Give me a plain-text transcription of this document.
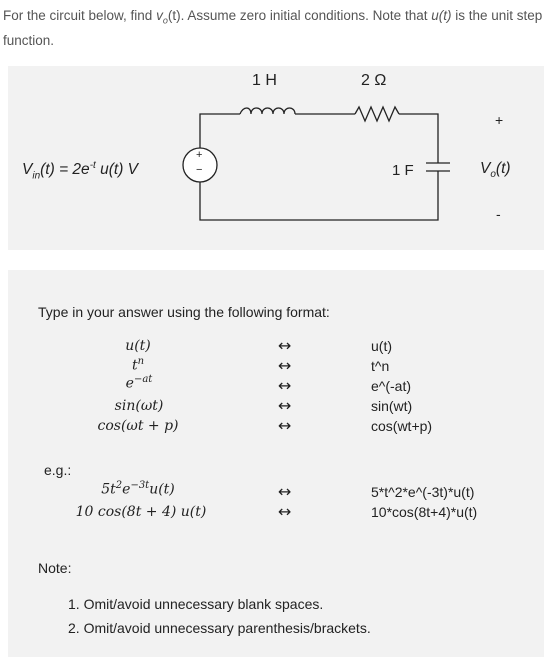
For the circuit below, find $v_o(t)$. Assume zero initial conditions. Note that u(t) is the unit step function.
+
−
1 H	2 Ω
1 F
$V_{in}(t) = 2e^{-t}$ u(t) V
+
$V_o(t)$
-
Type in your answer using the following format:
u(t)	↔	u(t)
$t^n$	↔	t^n
$e^{-at}$	↔	e^(-at)
sin(ωt)	↔	sin(wt)
cos(ωt + p)	↔	cos(wt+p)
e.g.:
$5t^2e^{-3t}u(t)$	↔	5*t^2*e^(-3t)*u(t)
10 cos(8t + 4) u(t)	↔	10*cos(8t+4)*u(t)
Note:
1. Omit/avoid unnecessary blank spaces.
2. Omit/avoid unnecessary parenthesis/brackets.
